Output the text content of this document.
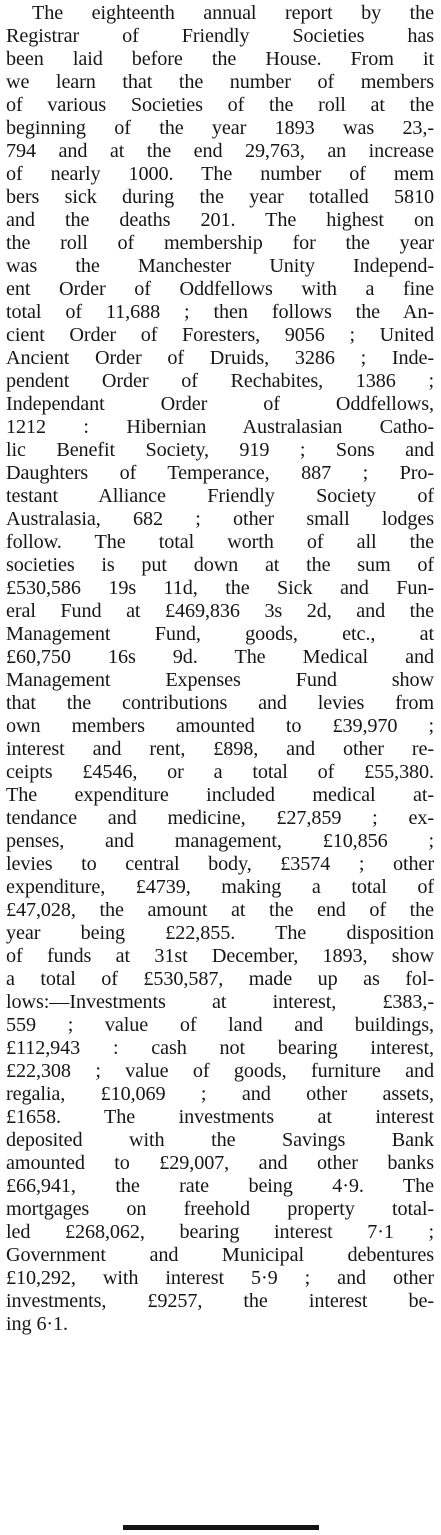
The eighteenth annual report by the
Registrar of Friendly Societies has
been laid before the House. From it
we learn that the number of members
of various Societies of the roll at the
beginning of the year 1893 was 23,-
794 and at the end 29,763, an increase
of nearly 1000. The number of mem
bers sick during the year totalled 5810
and the deaths 201. The highest on
the roll of membership for the year
was the Manchester Unity Independ-
ent Order of Oddfellows with a fine
total of 11,688 ; then follows the An-
cient Order of Foresters, 9056 ; United
Ancient Order of Druids, 3286 ; Inde-
pendent Order of Rechabites, 1386 ;
Independant Order of Oddfellows,
1212 : Hibernian Australasian Catho-
lic Benefit Society, 919 ; Sons and
Daughters of Temperance, 887 ; Pro-
testant Alliance Friendly Society of
Australasia, 682 ; other small lodges
follow. The total worth of all the
societies is put down at the sum of
£530,586 19s 11d, the Sick and Fun-
eral Fund at £469,836 3s 2d, and the
Management Fund, goods, etc., at
£60,750 16s 9d. The Medical and
Management Expenses Fund show
that the contributions and levies from
own members amounted to £39,970 ;
interest and rent, £898, and other re-
ceipts £4546, or a total of £55,380.
The expenditure included medical at-
tendance and medicine, £27,859 ; ex-
penses, and management, £10,856 ;
levies to central body, £3574 ; other
expenditure, £4739, making a total of
£47,028, the amount at the end of the
year being £22,855. The disposition
of funds at 31st December, 1893, show
a total of £530,587, made up as fol-
lows:—Investments at interest, £383,-
559 ; value of land and buildings,
£112,943 : cash not bearing interest,
£22,308 ; value of goods, furniture and
regalia, £10,069 ; and other assets,
£1658. The investments at interest
deposited with the Savings Bank
amounted to £29,007, and other banks
£66,941, the rate being 4·9. The
mortgages on freehold property total-
led £268,062, bearing interest 7·1 ;
Government and Municipal debentures
£10,292, with interest 5·9 ; and other
investments, £9257, the interest be-
ing 6·1.
